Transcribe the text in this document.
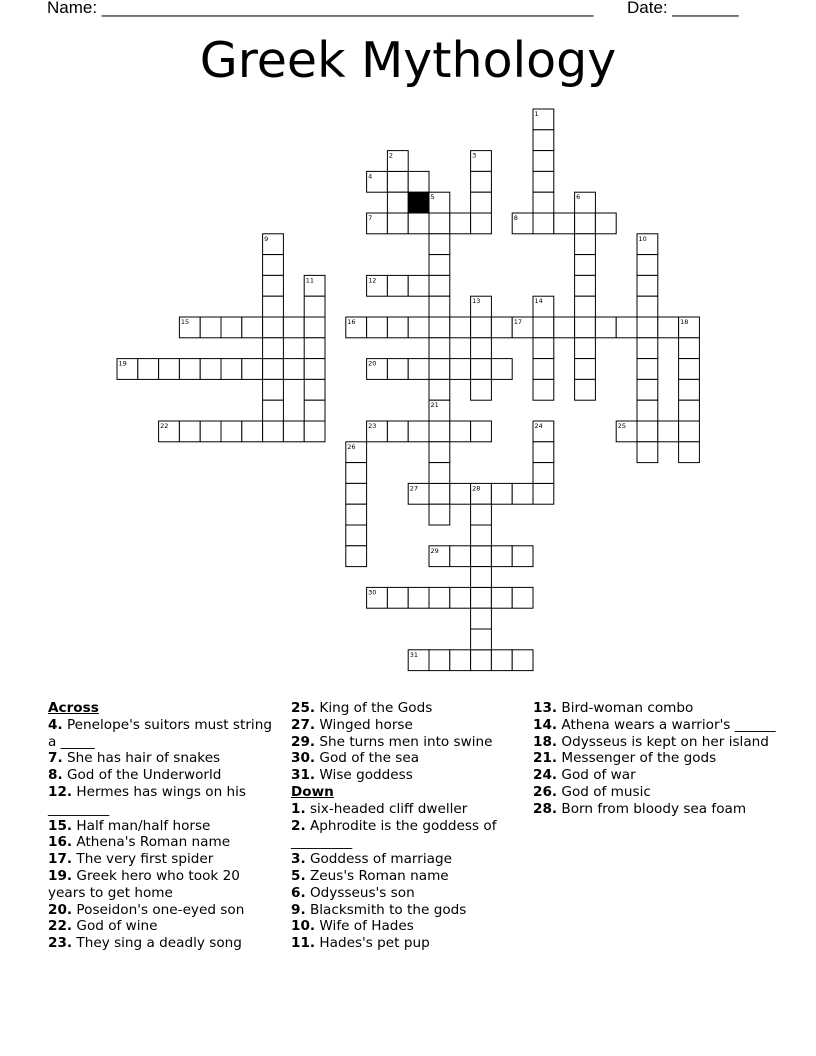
Name: ____________________________________________________ Date: _______
Greek Mythology
1
2	3
4
5	6
7	8
9	10
11	12
13	14
15	16	17	18
19	20
21
22	23	24	25
26
27	28
29
30
31
Across
4. Penelope's suitors must string a _____
7. She has hair of snakes
8. God of the Underworld
12. Hermes has wings on his _________
15. Half man/half horse
16. Athena's Roman name
17. The very first spider
19. Greek hero who took 20 years to get home
20. Poseidon's one-eyed son
22. God of wine
23. They sing a deadly song
25. King of the Gods
27. Winged horse
29. She turns men into swine
30. God of the sea
31. Wise goddess
Down
1. six-headed cliff dweller
2. Aphrodite is the goddess of _________
3. Goddess of marriage
5. Zeus's Roman name
6. Odysseus's son
9. Blacksmith to the gods
10. Wife of Hades
11. Hades's pet pup
13. Bird-woman combo
14. Athena wears a warrior's ______
18. Odysseus is kept on her island
21. Messenger of the gods
24. God of war
26. God of music
28. Born from bloody sea foam
